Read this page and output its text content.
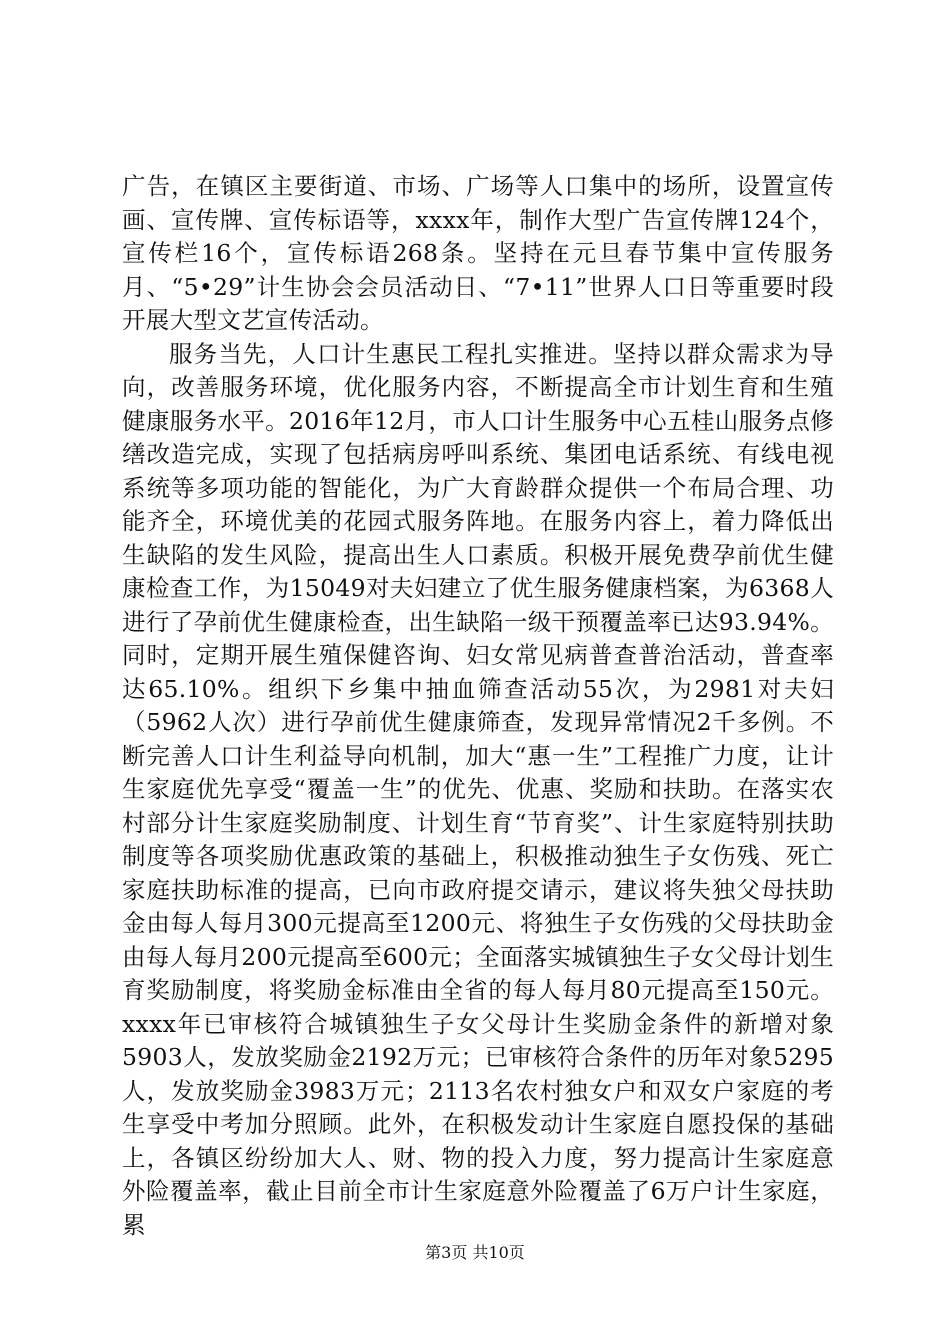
广告，在镇区主要街道、市场、广场等人口集中的场所，设置宣传画、宣传牌、宣传标语等，xxxx年，制作大型广告宣传牌124个，宣传栏16个，宣传标语268条。坚持在元旦春节集中宣传服务月、“5•29”计生协会会员活动日、“7•11”世界人口日等重要时段开展大型文艺宣传活动。

服务当先，人口计生惠民工程扎实推进。坚持以群众需求为导向，改善服务环境，优化服务内容，不断提高全市计划生育和生殖健康服务水平。2016年12月，市人口计生服务中心五桂山服务点修缮改造完成，实现了包括病房呼叫系统、集团电话系统、有线电视系统等多项功能的智能化，为广大育龄群众提供一个布局合理、功能齐全，环境优美的花园式服务阵地。在服务内容上，着力降低出生缺陷的发生风险，提高出生人口素质。积极开展免费孕前优生健康检查工作，为15049对夫妇建立了优生服务健康档案，为6368人进行了孕前优生健康检查，出生缺陷一级干预覆盖率已达93.94%。同时，定期开展生殖保健咨询、妇女常见病普查普治活动，普查率达65.10%。组织下乡集中抽血筛查活动55次，为2981对夫妇（5962人次）进行孕前优生健康筛查，发现异常情况2千多例。不断完善人口计生利益导向机制，加大“惠一生”工程推广力度，让计生家庭优先享受“覆盖一生”的优先、优惠、奖励和扶助。在落实农村部分计生家庭奖励制度、计划生育“节育奖”、计生家庭特别扶助制度等各项奖励优惠政策的基础上，积极推动独生子女伤残、死亡家庭扶助标准的提高，已向市政府提交请示，建议将失独父母扶助金由每人每月300元提高至1200元、将独生子女伤残的父母扶助金由每人每月200元提高至600元；全面落实城镇独生子女父母计划生育奖励制度，将奖励金标准由全省的每人每月80元提高至150元。xxxx年已审核符合城镇独生子女父母计生奖励金条件的新增对象5903人，发放奖励金2192万元；已审核符合条件的历年对象5295人，发放奖励金3983万元；2113名农村独女户和双女户家庭的考生享受中考加分照顾。此外，在积极发动计生家庭自愿投保的基础上，各镇区纷纷加大人、财、物的投入力度，努力提高计生家庭意外险覆盖率，截止目前全市计生家庭意外险覆盖了6万户计生家庭，累

第3页 共10页
